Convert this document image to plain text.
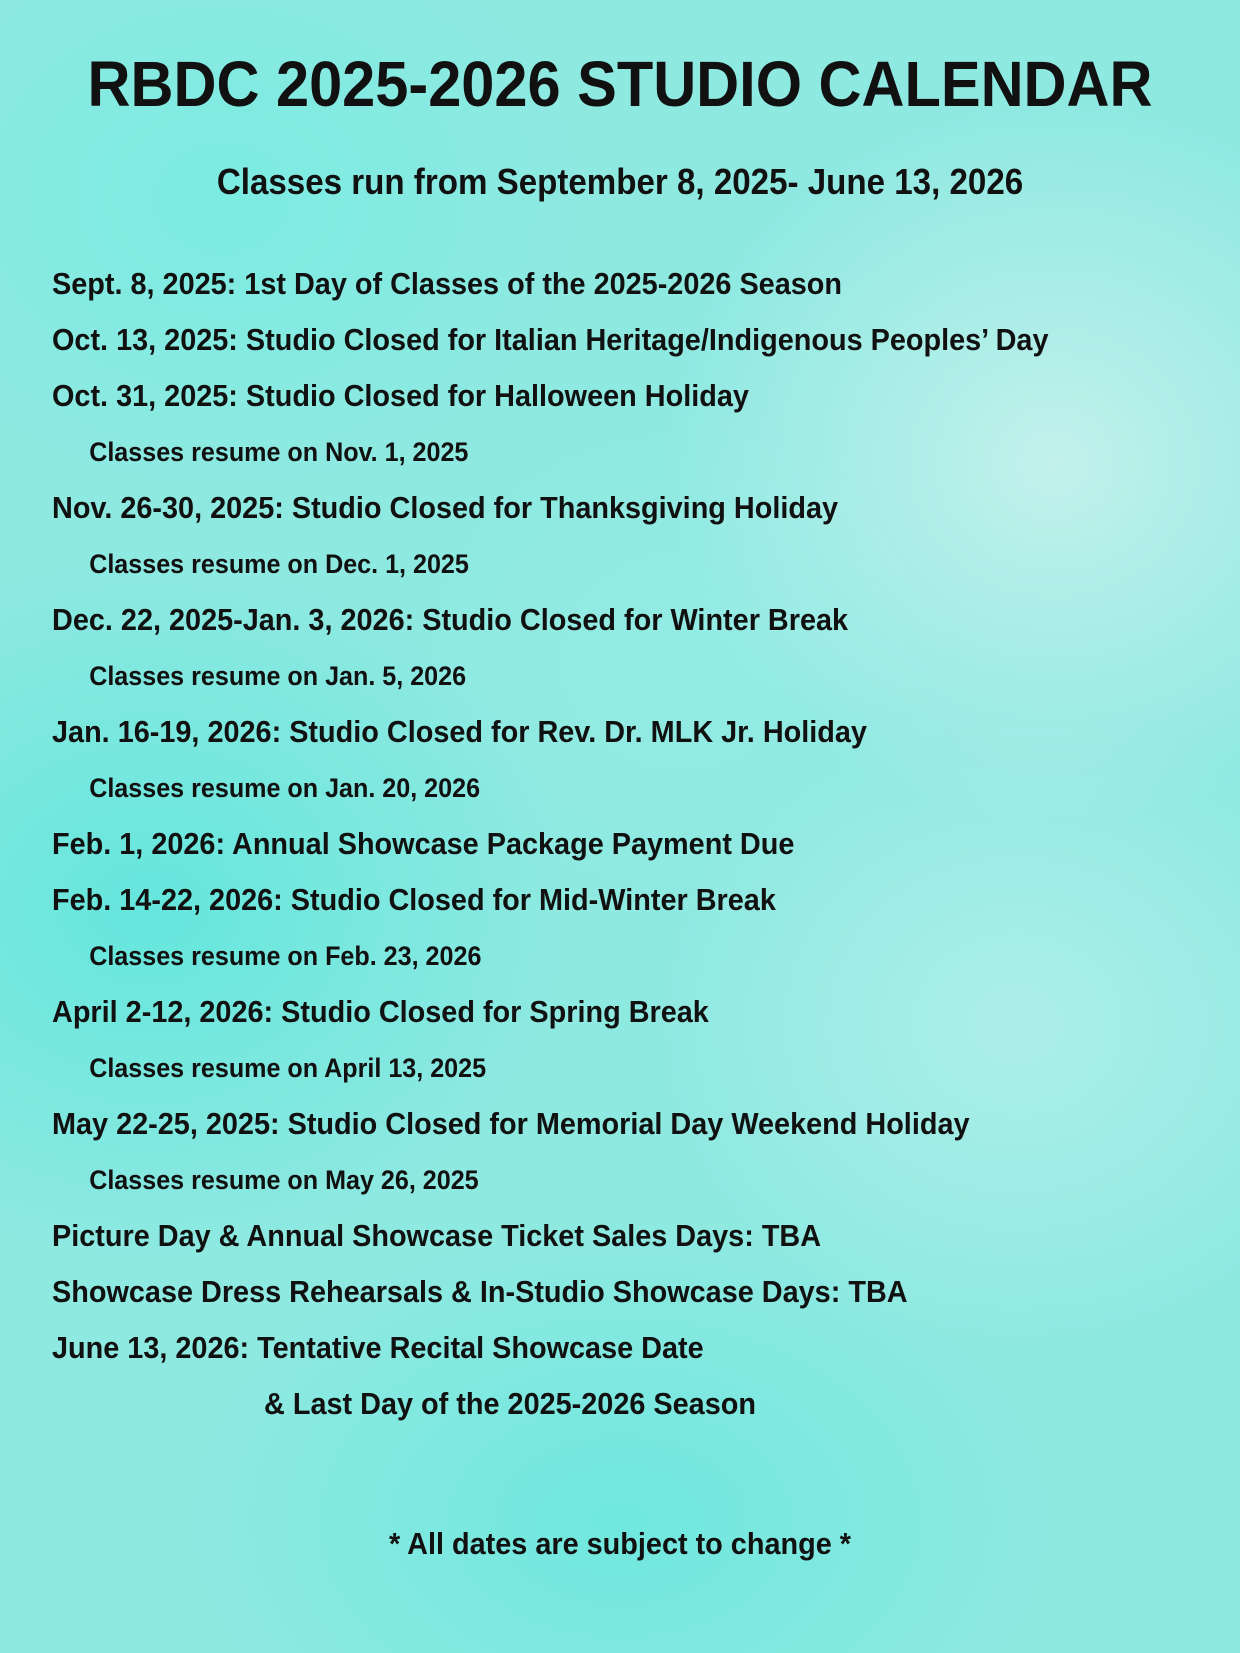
RBDC 2025-2026 STUDIO CALENDAR
Classes run from September 8, 2025- June 13, 2026
Sept. 8, 2025: 1st Day of Classes of the 2025-2026 Season
Oct. 13, 2025: Studio Closed for Italian Heritage/Indigenous Peoples’ Day
Oct. 31, 2025: Studio Closed for Halloween Holiday
Classes resume on Nov. 1, 2025
Nov. 26-30, 2025: Studio Closed for Thanksgiving Holiday
Classes resume on Dec. 1, 2025
Dec. 22, 2025-Jan. 3, 2026: Studio Closed for Winter Break
Classes resume on Jan. 5, 2026
Jan. 16-19, 2026: Studio Closed for Rev. Dr. MLK Jr. Holiday
Classes resume on Jan. 20, 2026
Feb. 1, 2026: Annual Showcase Package Payment Due
Feb. 14-22, 2026: Studio Closed for Mid-Winter Break
Classes resume on Feb. 23, 2026
April 2-12, 2026: Studio Closed for Spring Break
Classes resume on April 13, 2025
May 22-25, 2025: Studio Closed for Memorial Day Weekend Holiday
Classes resume on May 26, 2025
Picture Day & Annual Showcase Ticket Sales Days: TBA
Showcase Dress Rehearsals & In-Studio Showcase Days: TBA
June 13, 2026: Tentative Recital Showcase Date
& Last Day of the 2025-2026 Season
* All dates are subject to change *
